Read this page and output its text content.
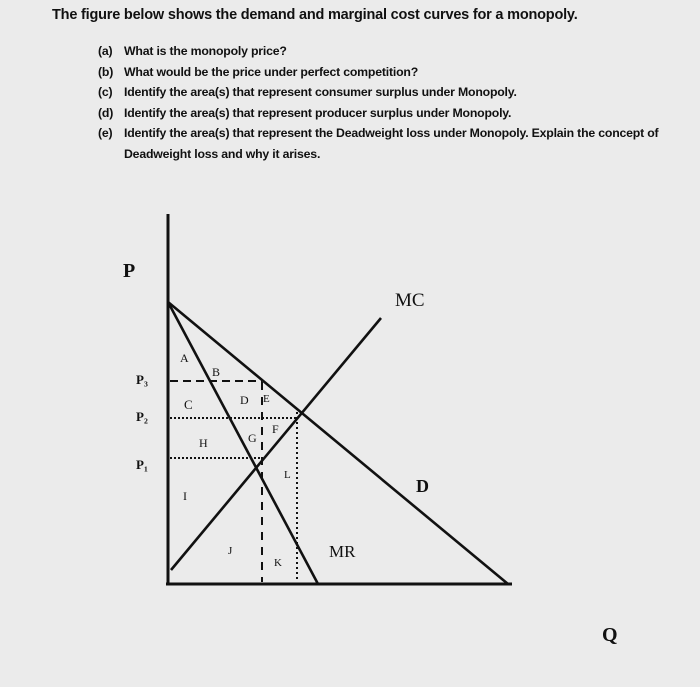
The figure below shows the demand and marginal cost curves for a monopoly.

(a) What is the monopoly price?
(b) What would be the price under perfect competition?
(c) Identify the area(s) that represent consumer surplus under Monopoly.
(d) Identify the area(s) that represent producer surplus under Monopoly.
(e) Identify the area(s) that represent the Deadweight loss under Monopoly. Explain the concept of Deadweight loss and why it arises.
P
Q
MC
D
MR
P₃
P₂
P₁
A
B
C	D E
F
G
H
I
J
K
L
